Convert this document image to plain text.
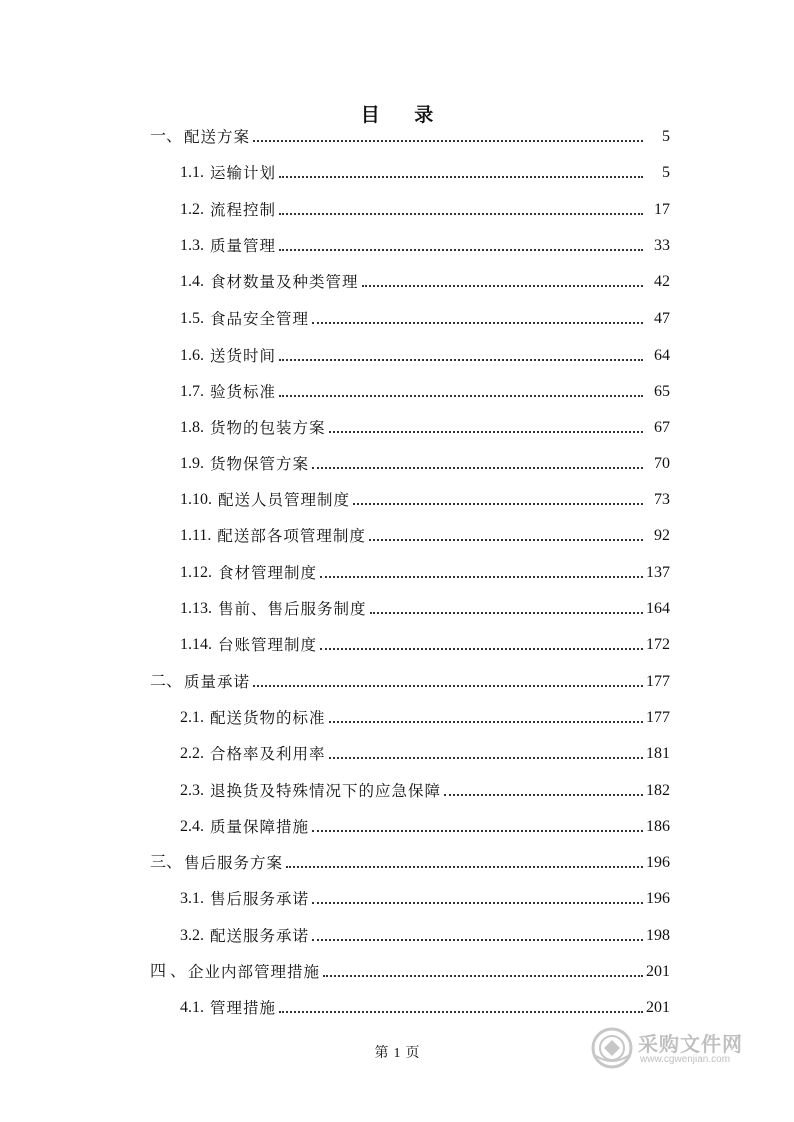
目 录
一、 配送方案	5
1.1. 运输计划	5
1.2. 流程控制	17
1.3. 质量管理	33
1.4. 食材数量及种类管理	42
1.5. 食品安全管理	47
1.6. 送货时间	64
1.7. 验货标准	65
1.8. 货物的包装方案	67
1.9. 货物保管方案	70
1.10. 配送人员管理制度	73
1.11. 配送部各项管理制度	92
1.12. 食材管理制度	137
1.13. 售前、售后服务制度	164
1.14. 台账管理制度	172
二、 质量承诺	177
2.1. 配送货物的标准	177
2.2. 合格率及利用率	181
2.3. 退换货及特殊情况下的应急保障	182
2.4. 质量保障措施	186
三、 售后服务方案	196
3.1. 售后服务承诺	196
3.2. 配送服务承诺	198
四 、 企业内部管理措施	201
4.1. 管理措施	201
第 1 页	采购文件网
www.cgwenjian.com
